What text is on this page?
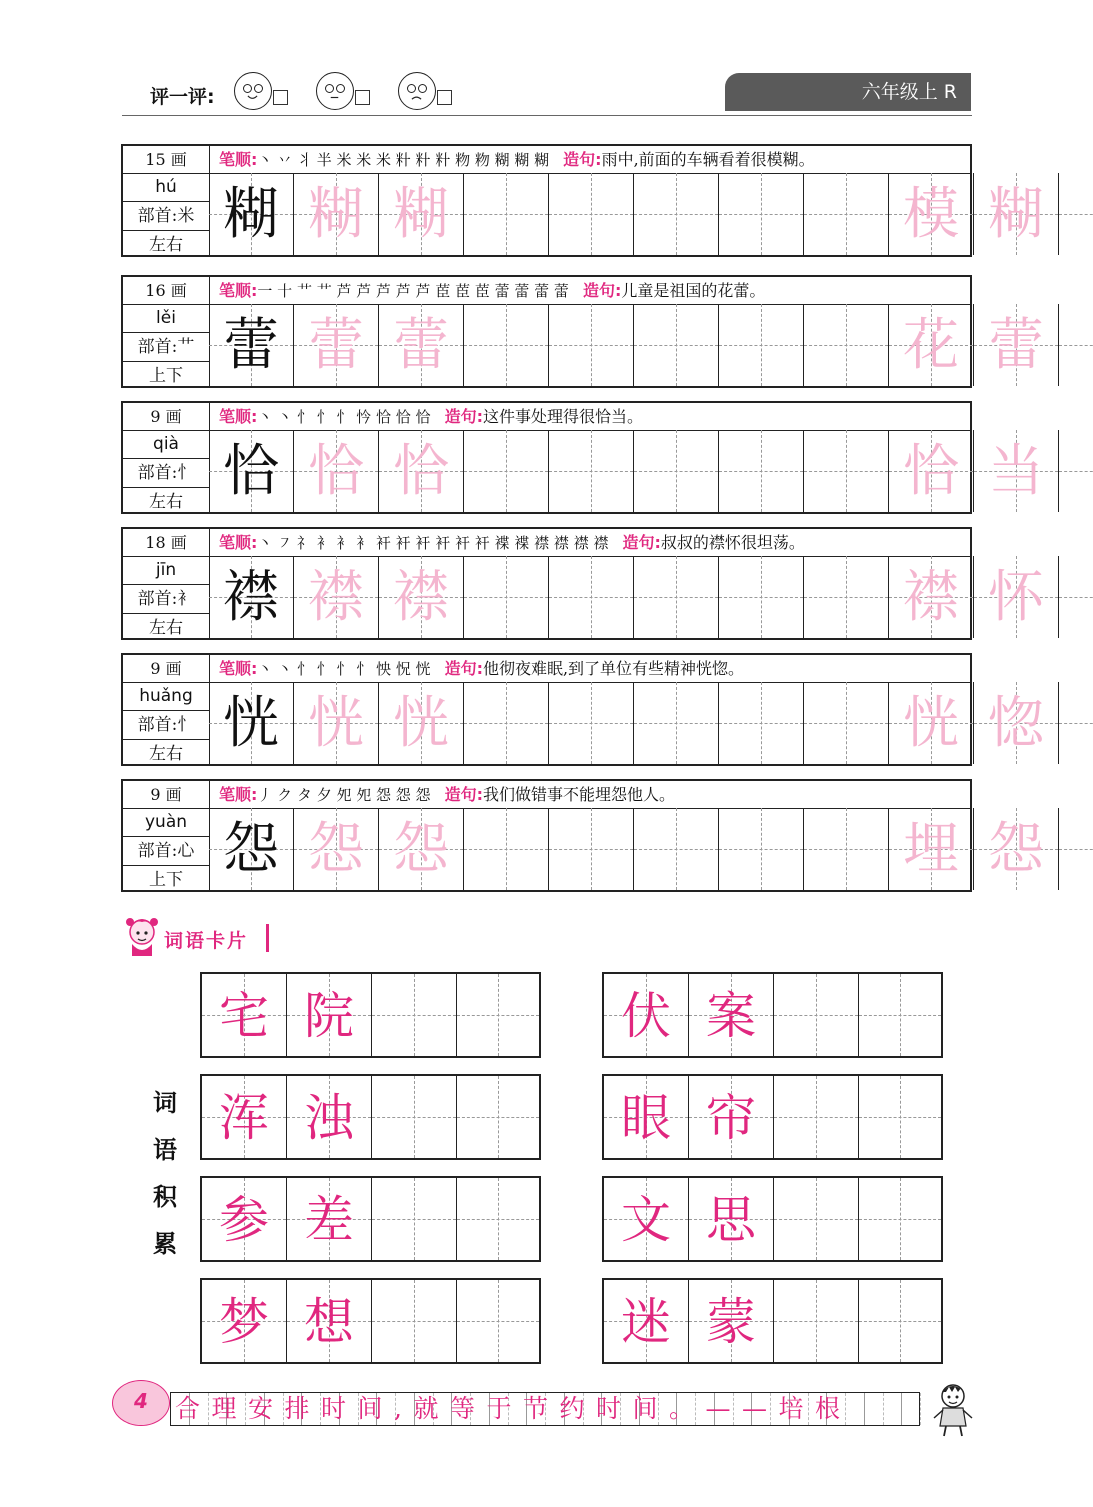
评一评:	六年级上 R
15 画	笔顺:丶 丷 丬 半 米 米 米 籵 籵 籵 粅 粅 糊 糊 糊 造句:雨中,前面的车辆看着很模糊。
hú
部首:米
左右 糊 糊 糊	模 糊
16 画	笔顺:一 十 艹 艹 芦 芦 芦 芦 芦 茞 茞 茞 蕾 蕾 蕾 蕾 造句:儿童是祖国的花蕾。
lěi
部首:艹
上下 蕾 蕾 蕾	花 蕾
9 画	笔顺:丶 丶 忄 忄 忄 忴 恰 恰 恰 造句:这件事处理得很恰当。
qià
部首:忄
左右 恰 恰 恰	恰 当
18 画	笔顺:丶 ㇇ 礻 衤 衤 衤 衦 衦 衦 衦 衦 衦 褋 褋 襟 襟 襟 襟 造句:叔叔的襟怀很坦荡。
jīn
部首:衤
左右 襟 襟 襟	襟 怀
9 画	笔顺:丶 丶 忄 忄 忄 忄 怏 怳 恍 造句:他彻夜难眠,到了单位有些精神恍惚。
huǎng
部首:忄
左右 恍 恍 恍	恍 惚
9 画	笔顺:丿 ク タ 夕 夗 夗 怨 怨 怨 造句:我们做错事不能埋怨他人。
yuàn
部首:心
上下 怨 怨 怨	埋 怨
词语卡片
词
语
积
累
宅 院
浑 浊
参 差
梦 想
伏 案
眼 帘
文 思
迷 蒙
4	合理安排时间,就等于节约时间。——培根
